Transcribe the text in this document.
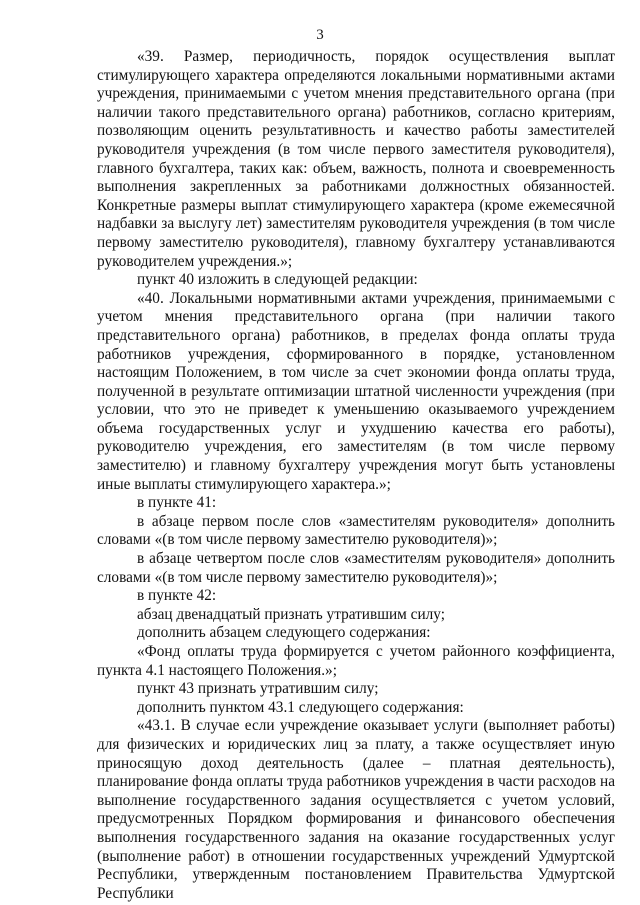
3

«39. Размер, периодичность, порядок осуществления выплат стимулирующего характера определяются локальными нормативными актами учреждения, принимаемыми с учетом мнения представительного органа (при наличии такого представительного органа) работников, согласно критериям, позволяющим оценить результативность и качество работы заместителей руководителя учреждения (в том числе первого заместителя руководителя), главного бухгалтера, таких как: объем, важность, полнота и своевременность выполнения закрепленных за работниками должностных обязанностей. Конкретные размеры выплат стимулирующего характера (кроме ежемесячной надбавки за выслугу лет) заместителям руководителя учреждения (в том числе первому заместителю руководителя), главному бухгалтеру устанавливаются руководителем учреждения.»;

пункт 40 изложить в следующей редакции:

«40. Локальными нормативными актами учреждения, принимаемыми с учетом мнения представительного органа (при наличии такого представительного органа) работников, в пределах фонда оплаты труда работников учреждения, сформированного в порядке, установленном настоящим Положением, в том числе за счет экономии фонда оплаты труда, полученной в результате оптимизации штатной численности учреждения (при условии, что это не приведет к уменьшению оказываемого учреждением объема государственных услуг и ухудшению качества его работы), руководителю учреждения, его заместителям (в том числе первому заместителю) и главному бухгалтеру учреждения могут быть установлены иные выплаты стимулирующего характера.»;

в пункте 41:

в абзаце первом после слов «заместителям руководителя» дополнить словами «(в том числе первому заместителю руководителя)»;

в абзаце четвертом после слов «заместителям руководителя» дополнить словами «(в том числе первому заместителю руководителя)»;

в пункте 42:

абзац двенадцатый признать утратившим силу;

дополнить абзацем следующего содержания:

«Фонд оплаты труда формируется с учетом районного коэффициента, пункта 4.1 настоящего Положения.»;

пункт 43 признать утратившим силу;

дополнить пунктом 43.1 следующего содержания:

«43.1. В случае если учреждение оказывает услуги (выполняет работы) для физических и юридических лиц за плату, а также осуществляет иную приносящую доход деятельность (далее – платная деятельность), планирование фонда оплаты труда работников учреждения в части расходов на выполнение государственного задания осуществляется с учетом условий, предусмотренных Порядком формирования и финансового обеспечения выполнения государственного задания на оказание государственных услуг (выполнение работ) в отношении государственных учреждений Удмуртской Республики, утвержденным постановлением Правительства Удмуртской Республики
